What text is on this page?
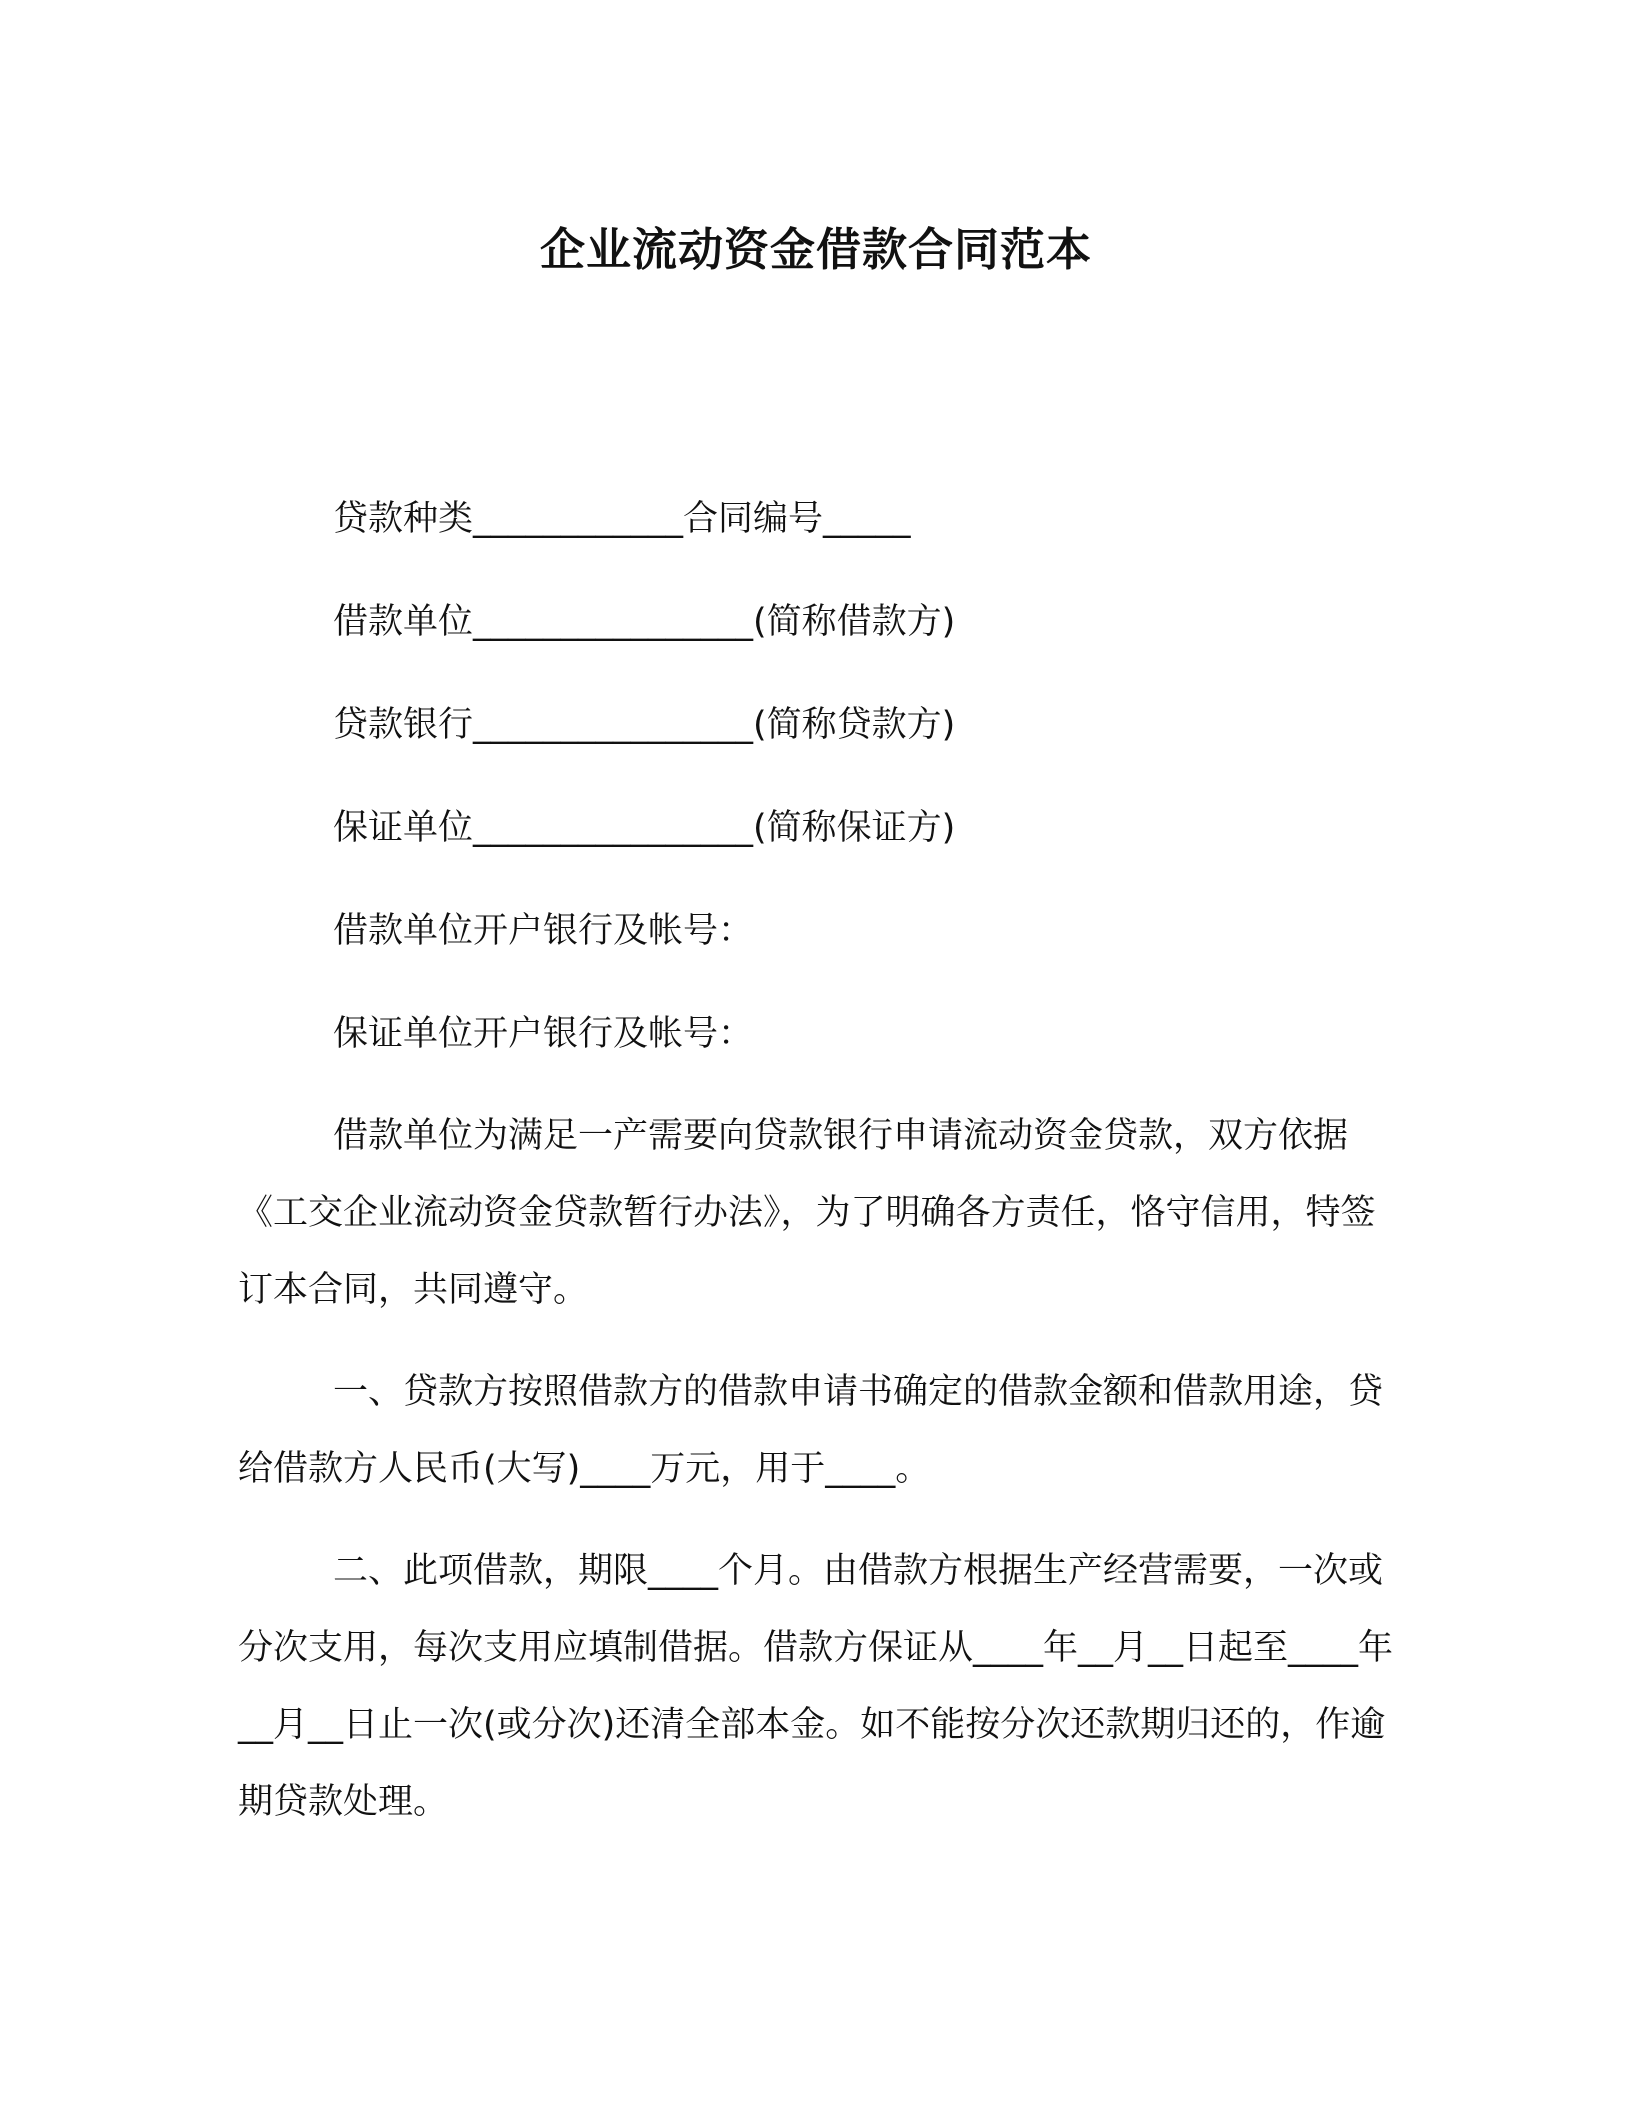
企业流动资金借款合同范本
贷款种类____________合同编号_____
借款单位________________(简称借款方)
贷款银行________________(简称贷款方)
保证单位________________(简称保证方)
借款单位开户银行及帐号：
保证单位开户银行及帐号：

借款单位为满足一产需要向贷款银行申请流动资金贷款，双方依据《工交企业流动资金贷款暂行办法》，为了明确各方责任，恪守信用，特签订本合同，共同遵守。

一、贷款方按照借款方的借款申请书确定的借款金额和借款用途，贷给借款方人民币(大写)____万元，用于____。

二、此项借款，期限____个月。由借款方根据生产经营需要，一次或分次支用，每次支用应填制借据。借款方保证从____年__月__日起至____年__月__日止一次(或分次)还清全部本金。如不能按分次还款期归还的，作逾期贷款处理。
